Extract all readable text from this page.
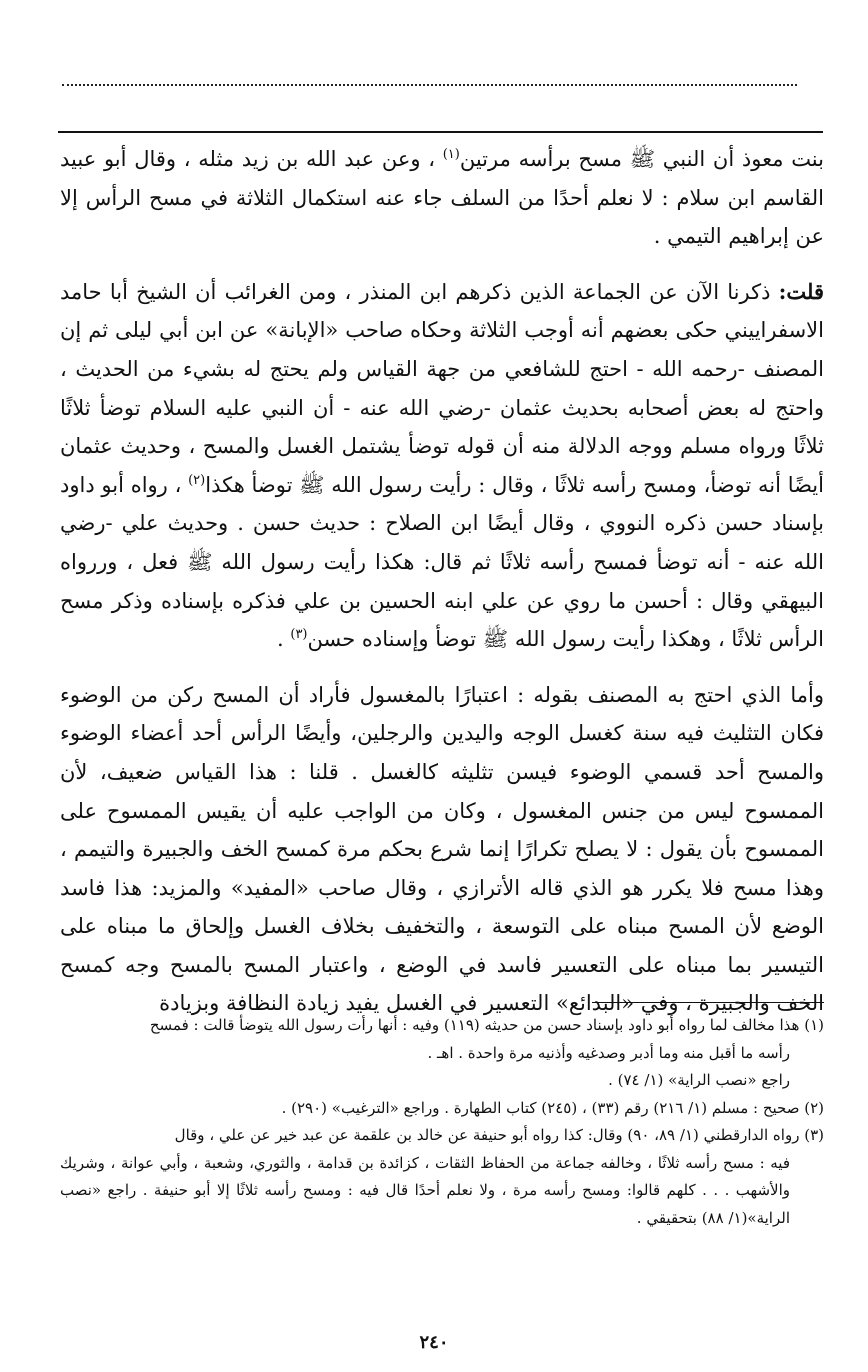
بنت معوذ أن النبي ﷺ مسح برأسه مرتين$^{(١)}$ ، وعن عبد الله بن زيد مثله ، وقال أبو عبيد القاسم ابن سلام : لا نعلم أحدًا من السلف جاء عنه استكمال الثلاثة في مسح الرأس إلا عن إبراهيم التيمي .

قلت: ذكرنا الآن عن الجماعة الذين ذكرهم ابن المنذر ، ومن الغرائب أن الشيخ أبا حامد الاسفراييني حكى بعضهم أنه أوجب الثلاثة وحكاه صاحب «الإبانة» عن ابن أبي ليلى ثم إن المصنف -رحمه الله - احتج للشافعي من جهة القياس ولم يحتج له بشيء من الحديث ، واحتج له بعض أصحابه بحديث عثمان -رضي الله عنه - أن النبي عليه السلام توضأ ثلاثًا ثلاثًا ورواه مسلم ووجه الدلالة منه أن قوله توضأ يشتمل الغسل والمسح ، وحديث عثمان أيضًا أنه توضأ، ومسح رأسه ثلاثًا ، وقال : رأيت رسول الله ﷺ توضأ هكذا$^{(٢)}$ ، رواه أبو داود بإسناد حسن ذكره النووي ، وقال أيضًا ابن الصلاح : حديث حسن . وحديث علي -رضي الله عنه - أنه توضأ فمسح رأسه ثلاثًا ثم قال: هكذا رأيت رسول الله ﷺ فعل ، وررواه البيهقي وقال : أحسن ما روي عن علي ابنه الحسين بن علي فذكره بإسناده وذكر مسح الرأس ثلاثًا ، وهكذا رأيت رسول الله ﷺ توضأ وإسناده حسن$^{(٣)}$ .

وأما الذي احتج به المصنف بقوله : اعتبارًا بالمغسول فأراد أن المسح ركن من الوضوء فكان التثليث فيه سنة كغسل الوجه واليدين والرجلين، وأيضًا الرأس أحد أعضاء الوضوء والمسح أحد قسمي الوضوء فيسن تثليثه كالغسل . قلنا : هذا القياس ضعيف، لأن الممسوح ليس من جنس المغسول ، وكان من الواجب عليه أن يقيس الممسوح على الممسوح بأن يقول : لا يصلح تكرارًا إنما شرع بحكم مرة كمسح الخف والجبيرة والتيمم ، وهذا مسح فلا يكرر هو الذي قاله الأترازي ، وقال صاحب «المفيد» والمزيد: هذا فاسد الوضع لأن المسح مبناه على التوسعة ، والتخفيف بخلاف الغسل وإلحاق ما مبناه على التيسير بما مبناه على التعسير فاسد في الوضع ، واعتبار المسح بالمسح وجه كمسح الخف والجبيرة ، وفي «البدائع» التعسير في الغسل يفيد زيادة النظافة وبزيادة

(١) هذا مخالف لما رواه أبو داود بإسناد حسن من حديثه (١١٩) وفيه : أنها رأت رسول الله يتوضأ قالت : فمسح

رأسه ما أقبل منه وما أدبر وصدغيه وأذنيه مرة واحدة . اهـ .

راجع «نصب الراية» (١/ ٧٤) .

(٢) صحيح : مسلم (١/ ٢١٦) رقم (٣٣) ، (٢٤٥) كتاب الطهارة . وراجع «الترغيب» (٢٩٠) .

(٣) رواه الدارقطني (١/ ٨٩، ٩٠) وقال: كذا رواه أبو حنيفة عن خالد بن علقمة عن عبد خير عن علي ، وقال

فيه : مسح رأسه ثلاثًا ، وخالفه جماعة من الحفاظ الثقات ، كزائدة بن قدامة ، والثوري، وشعبة ، وأبي عوانة ، وشريك والأشهب . . . كلهم قالوا: ومسح رأسه مرة ، ولا نعلم أحدًا قال فيه : ومسح رأسه ثلاثًا إلا أبو حنيفة . راجع «نصب الراية»(١/ ٨٨) بتحقيقي .

٢٤٠
